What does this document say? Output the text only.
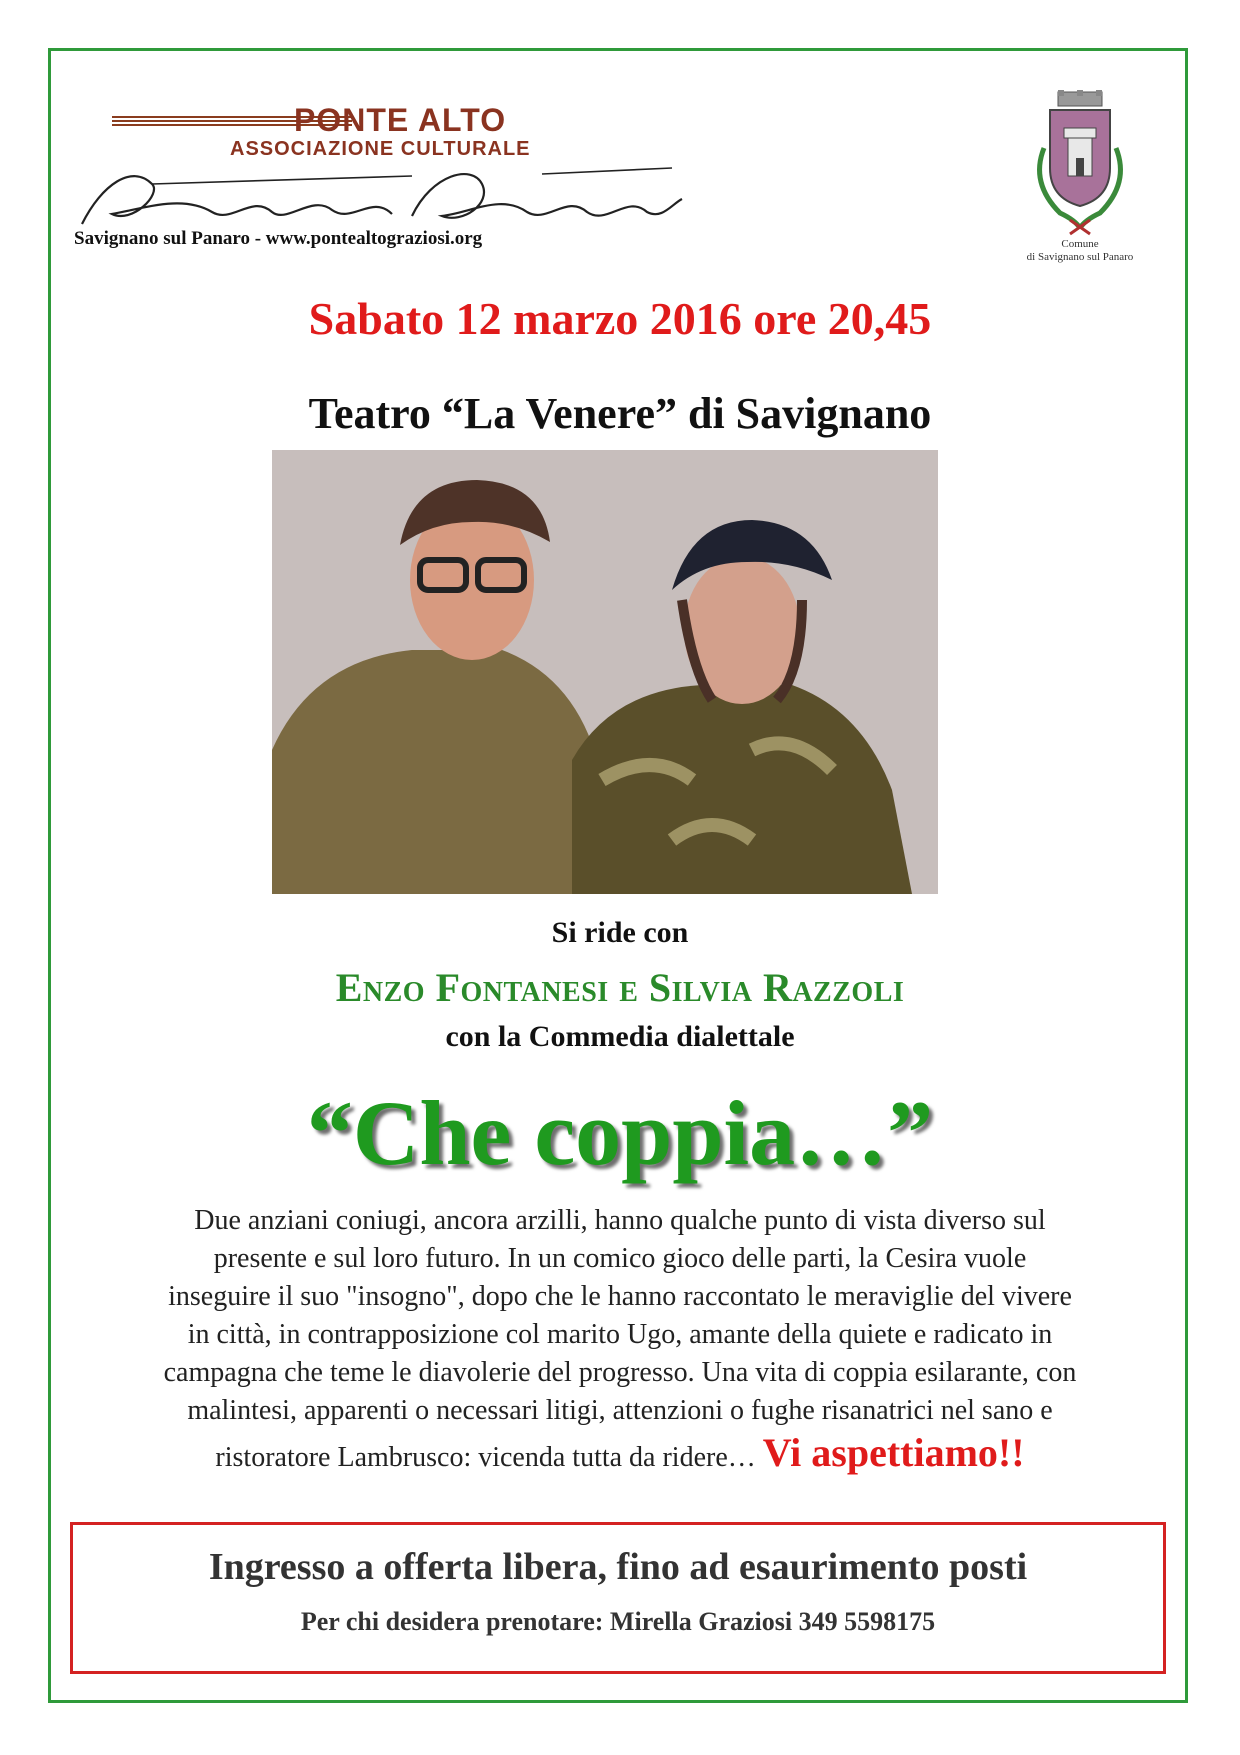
PONTE ALTO
ASSOCIAZIONE CULTURALE
Savignano sul Panaro - www.pontealtograziosi.org	Comune
di Savignano sul Panaro
Sabato 12 marzo 2016 ore 20,45
Teatro “La Venere” di Savignano
Si ride con
Enzo Fontanesi e Silvia Razzoli
con la Commedia dialettale
“Che coppia…”

Due anziani coniugi, ancora arzilli, hanno qualche punto di vista diverso sul

presente e sul loro futuro. In un comico gioco delle parti, la Cesira vuole

inseguire il suo "insogno", dopo che le hanno raccontato le meraviglie del vivere

in città, in contrapposizione col marito Ugo, amante della quiete e radicato in

campagna che teme le diavolerie del progresso. Una vita di coppia esilarante, con

malintesi, apparenti o necessari litigi, attenzioni o fughe risanatrici nel sano e

ristoratore Lambrusco: vicenda tutta da ridere… Vi aspettiamo!!

Ingresso a offerta libera, fino ad esaurimento posti
Per chi desidera prenotare: Mirella Graziosi 349 5598175
